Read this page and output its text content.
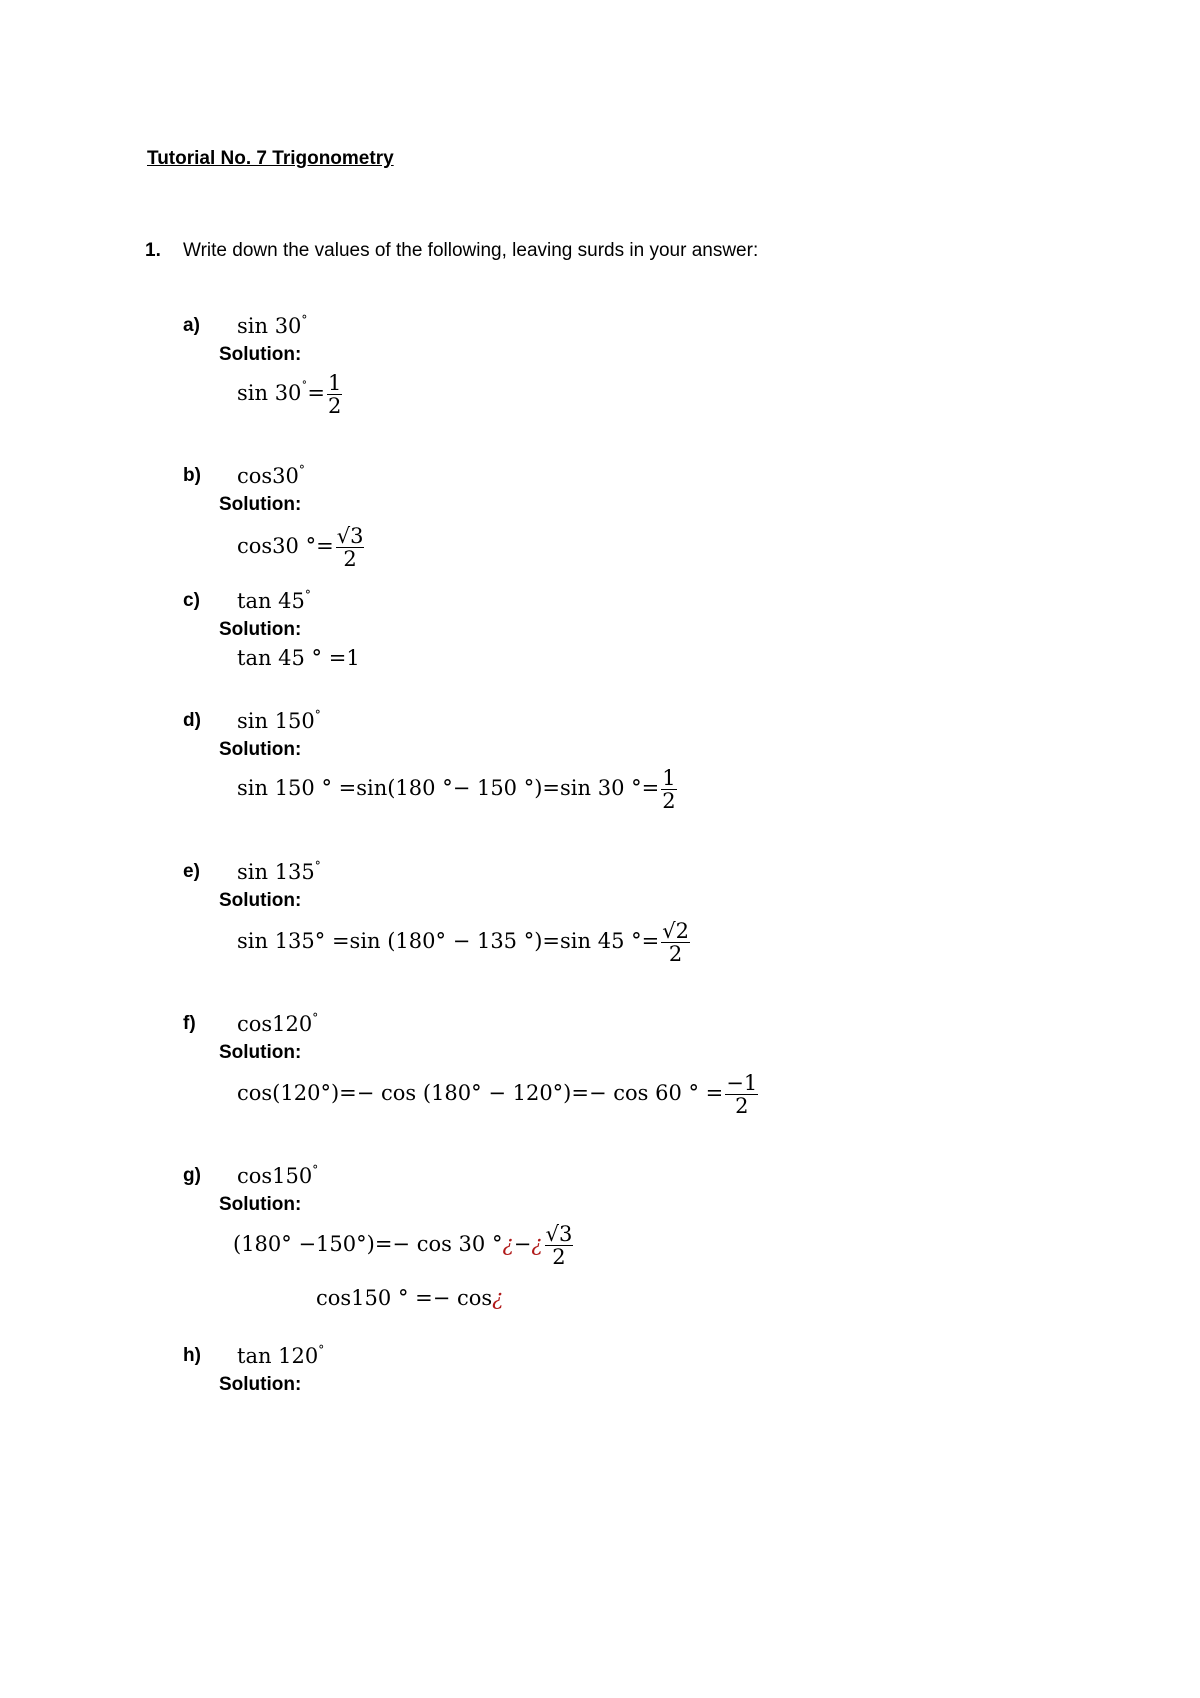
Tutorial No. 7 Trigonometry
1. Write down the values of the following, leaving surds in your answer:
a) sin 30°
Solution:
$\sin 30^˚= \frac{1}{2}$
b) cos30°
Solution:
cos30 °= $\frac{√3}{2}$
c) tan 45°
Solution:
tan 45 ° =1
d) sin 150°
Solution:
sin 150 ° =sin(180 °− 150 °)=sin 30 °= $\frac{1}{2}$
e) sin 135°
Solution:
sin 135° =sin (180° − 135 °)=sin 45 °= $\frac{√2}{2}$
f) cos120°
Solution:
cos(120°)=− cos (180° − 120°)=− cos 60 ° = $\frac{-1}{2}$
g) cos150°
Solution:
(180° −150°)=− cos 30 °¿−¿ $\frac{√3}{2}$
cos150 ° =− cos¿
h) tan 120°
Solution:
